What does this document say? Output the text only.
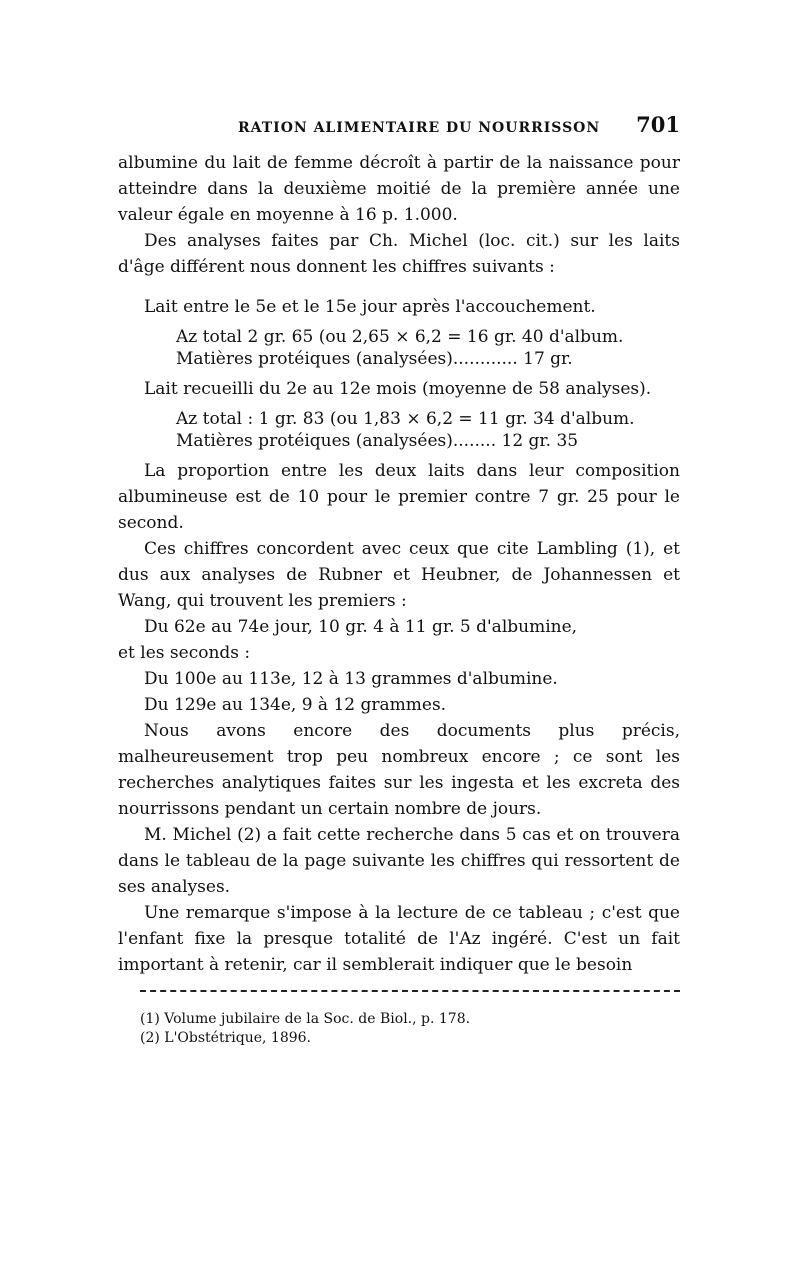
RATION ALIMENTAIRE DU NOURRISSON 701

albumine du lait de femme décroît à partir de la naissance pour atteindre dans la deuxième moitié de la première année une valeur égale en moyenne à 16 p. 1.000.

Des analyses faites par Ch. Michel (loc. cit.) sur les laits d'âge différent nous donnent les chiffres suivants :

Lait entre le 5e et le 15e jour après l'accouchement.

Az total 2 gr. 65 (ou 2,65 × 6,2 = 16 gr. 40 d'album.
Matières protéiques (analysées)............ 17 gr.

Lait recueilli du 2e au 12e mois (moyenne de 58 analyses).

Az total : 1 gr. 83 (ou 1,83 × 6,2 = 11 gr. 34 d'album.
Matières protéiques (analysées)........ 12 gr. 35

La proportion entre les deux laits dans leur composition albumineuse est de 10 pour le premier contre 7 gr. 25 pour le second.

Ces chiffres concordent avec ceux que cite Lambling (1), et dus aux analyses de Rubner et Heubner, de Johannessen et Wang, qui trouvent les premiers :

Du 62e au 74e jour, 10 gr. 4 à 11 gr. 5 d'albumine,

et les seconds :

Du 100e au 113e, 12 à 13 grammes d'albumine.

Du 129e au 134e, 9 à 12 grammes.

Nous avons encore des documents plus précis, malheureusement trop peu nombreux encore ; ce sont les recherches analytiques faites sur les ingesta et les excreta des nourrissons pendant un certain nombre de jours.

M. Michel (2) a fait cette recherche dans 5 cas et on trouvera dans le tableau de la page suivante les chiffres qui ressortent de ses analyses.

Une remarque s'impose à la lecture de ce tableau ; c'est que l'enfant fixe la presque totalité de l'Az ingéré. C'est un fait important à retenir, car il semblerait indiquer que le besoin

(1) Volume jubilaire de la Soc. de Biol., p. 178.
(2) L'Obstétrique, 1896.
